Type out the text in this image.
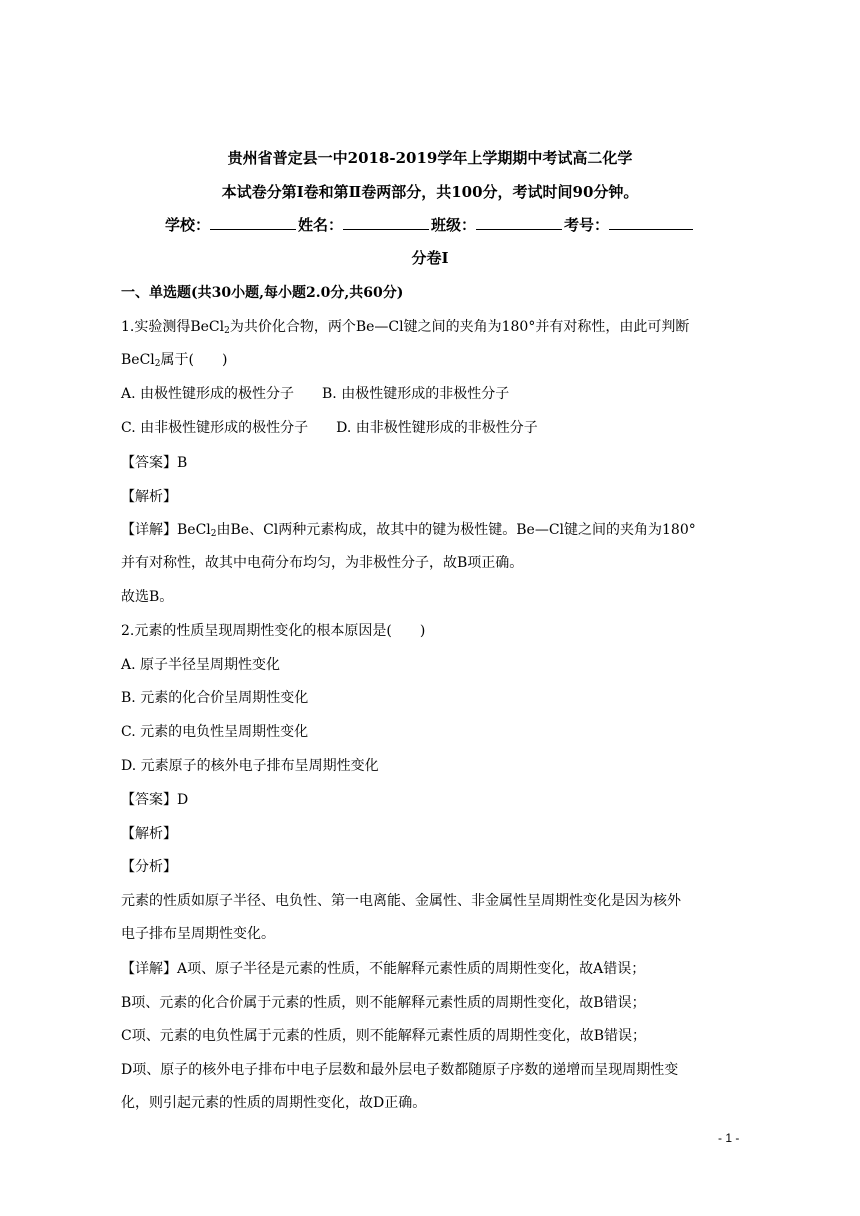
贵州省普定县一中2018-2019学年上学期期中考试高二化学
本试卷分第Ⅰ卷和第Ⅱ卷两部分，共100分，考试时间90分钟。
学校：	姓名：	班级：	考号：
分卷I
一、单选题(共30小题,每小题2.0分,共60分)
1.实验测得BeCl$_2$为共价化合物，两个Be—Cl键之间的夹角为180°并有对称性，由此可判断
BeCl$_2$属于(　　)
A. 由极性键形成的极性分子　　B. 由极性键形成的非极性分子
C. 由非极性键形成的极性分子　　D. 由非极性键形成的非极性分子
【答案】B
【解析】
【详解】BeCl$_2$由Be、Cl两种元素构成，故其中的键为极性键。Be—Cl键之间的夹角为180°
并有对称性，故其中电荷分布均匀，为非极性分子，故B项正确。
故选B。
2.元素的性质呈现周期性变化的根本原因是(　　)
A. 原子半径呈周期性变化
B. 元素的化合价呈周期性变化
C. 元素的电负性呈周期性变化
D. 元素原子的核外电子排布呈周期性变化
【答案】D
【解析】
【分析】
元素的性质如原子半径、电负性、第一电离能、金属性、非金属性呈周期性变化是因为核外
电子排布呈周期性变化。
【详解】A项、原子半径是元素的性质，不能解释元素性质的周期性变化，故A错误；
B项、元素的化合价属于元素的性质，则不能解释元素性质的周期性变化，故B错误；
C项、元素的电负性属于元素的性质，则不能解释元素性质的周期性变化，故B错误；
D项、原子的核外电子排布中电子层数和最外层电子数都随原子序数的递增而呈现周期性变
化，则引起元素的性质的周期性变化，故D正确。
- 1 -
